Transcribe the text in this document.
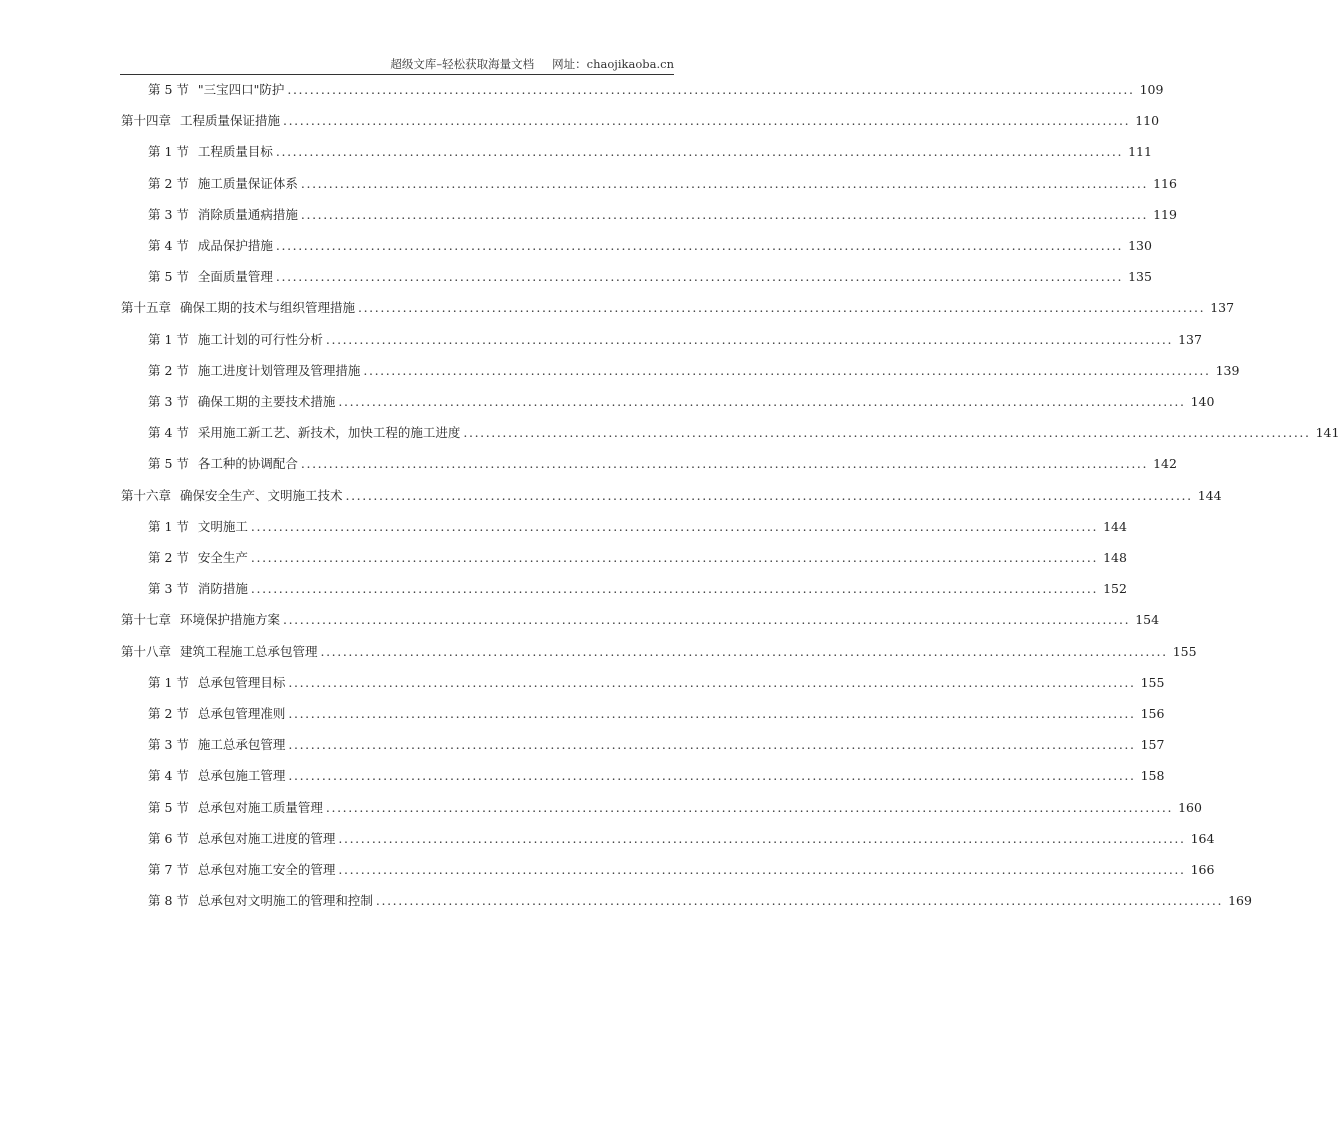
超级文库–轻松获取海量文档 网址：chaojikaoba.cn
第 5 节 "三宝四口"防护 ........................................................................................................................................................ 109
第十四章 工程质量保证措施 ........................................................................................................................................................ 110
第 1 节 工程质量目标 ........................................................................................................................................................ 111
第 2 节 施工质量保证体系 ........................................................................................................................................................ 116
第 3 节 消除质量通病措施 ........................................................................................................................................................ 119
第 4 节 成品保护措施 ........................................................................................................................................................ 130
第 5 节 全面质量管理 ........................................................................................................................................................ 135
第十五章 确保工期的技术与组织管理措施 ........................................................................................................................................................ 137
第 1 节 施工计划的可行性分析 ........................................................................................................................................................ 137
第 2 节 施工进度计划管理及管理措施 ........................................................................................................................................................ 139
第 3 节 确保工期的主要技术措施 ........................................................................................................................................................ 140
第 4 节 采用施工新工艺、新技术，加快工程的施工进度 ........................................................................................................................................................ 141
第 5 节 各工种的协调配合 ........................................................................................................................................................ 142
第十六章 确保安全生产、文明施工技术 ........................................................................................................................................................ 144
第 1 节 文明施工 ........................................................................................................................................................ 144
第 2 节 安全生产 ........................................................................................................................................................ 148
第 3 节 消防措施 ........................................................................................................................................................ 152
第十七章 环境保护措施方案 ........................................................................................................................................................ 154
第十八章 建筑工程施工总承包管理 ........................................................................................................................................................ 155
第 1 节 总承包管理目标 ........................................................................................................................................................ 155
第 2 节 总承包管理准则 ........................................................................................................................................................ 156
第 3 节 施工总承包管理 ........................................................................................................................................................ 157
第 4 节 总承包施工管理 ........................................................................................................................................................ 158
第 5 节 总承包对施工质量管理 ........................................................................................................................................................ 160
第 6 节 总承包对施工进度的管理 ........................................................................................................................................................ 164
第 7 节 总承包对施工安全的管理 ........................................................................................................................................................ 166
第 8 节 总承包对文明施工的管理和控制 ........................................................................................................................................................ 169
